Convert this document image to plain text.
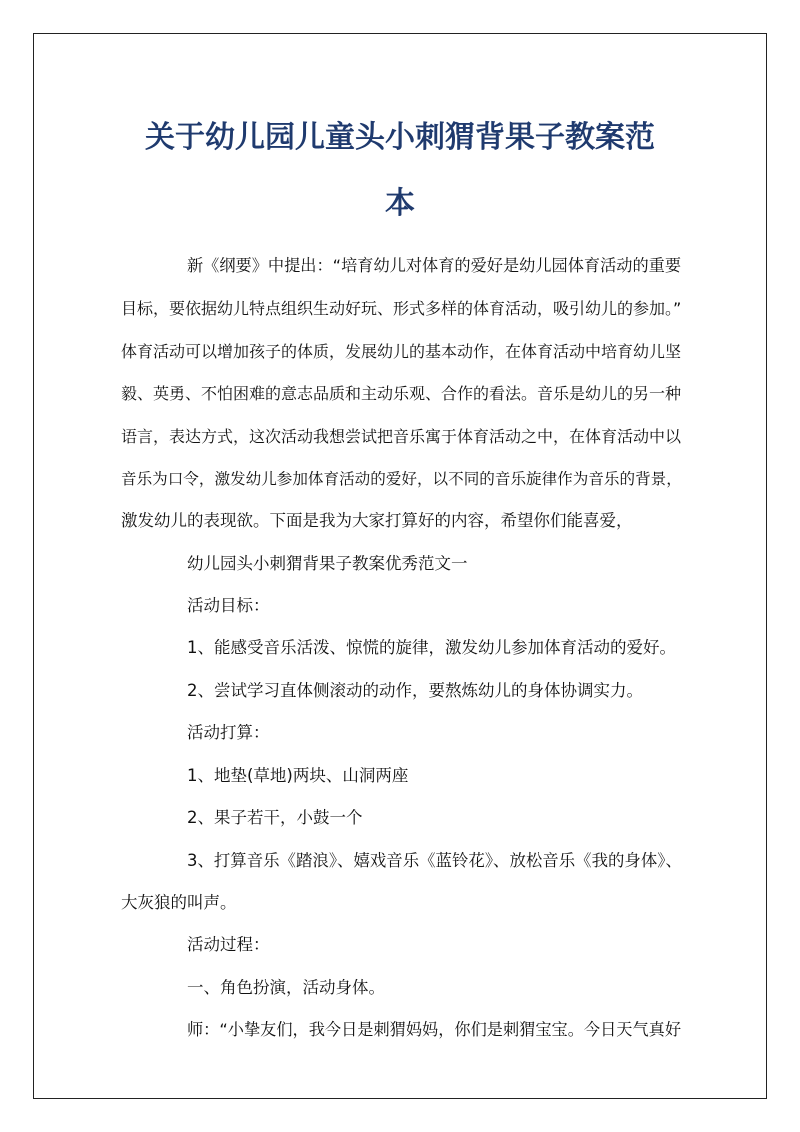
关于幼儿园儿童头小刺猬背果子教案范
本
新《纲要》中提出：“培育幼儿对体育的爱好是幼儿园体育活动的重要
目标，要依据幼儿特点组织生动好玩、形式多样的体育活动，吸引幼儿的参加。”
体育活动可以增加孩子的体质，发展幼儿的基本动作，在体育活动中培育幼儿坚
毅、英勇、不怕困难的意志品质和主动乐观、合作的看法。音乐是幼儿的另一种
语言，表达方式，这次活动我想尝试把音乐寓于体育活动之中，在体育活动中以
音乐为口令，激发幼儿参加体育活动的爱好，以不同的音乐旋律作为音乐的背景，
激发幼儿的表现欲。下面是我为大家打算好的内容，希望你们能喜爱，
幼儿园头小刺猬背果子教案优秀范文一
活动目标：
1、能感受音乐活泼、惊慌的旋律，激发幼儿参加体育活动的爱好。
2、尝试学习直体侧滚动的动作，要熬炼幼儿的身体协调实力。
活动打算：
1、地垫(草地)两块、山洞两座
2、果子若干，小鼓一个
3、打算音乐《踏浪》、嬉戏音乐《蓝铃花》、放松音乐《我的身体》、
大灰狼的叫声。
活动过程：
一、角色扮演，活动身体。
师：“小挚友们，我今日是刺猬妈妈，你们是刺猬宝宝。今日天气真好
